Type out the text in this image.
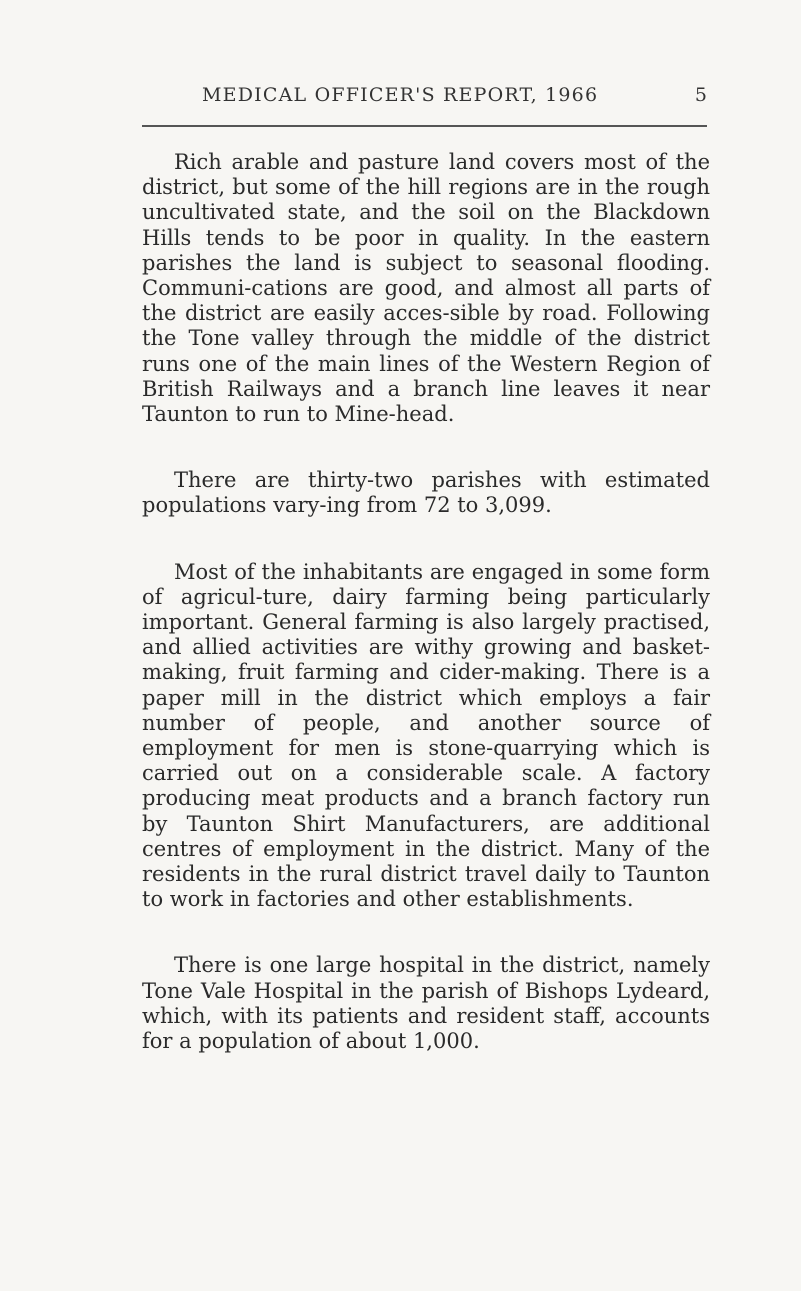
MEDICAL OFFICER'S REPORT, 1966	5

Rich arable and pasture land covers most of the district, but some of the hill regions are in the rough uncultivated state, and the soil on the Blackdown Hills tends to be poor in quality. In the eastern parishes the land is subject to seasonal flooding. Communi-cations are good, and almost all parts of the district are easily acces-sible by road. Following the Tone valley through the middle of the district runs one of the main lines of the Western Region of British Railways and a branch line leaves it near Taunton to run to Mine-head.

There are thirty-two parishes with estimated populations vary-ing from 72 to 3,099.

Most of the inhabitants are engaged in some form of agricul-ture, dairy farming being particularly important. General farming is also largely practised, and allied activities are withy growing and basket-making, fruit farming and cider-making. There is a paper mill in the district which employs a fair number of people, and another source of employment for men is stone-quarrying which is carried out on a considerable scale. A factory producing meat products and a branch factory run by Taunton Shirt Manufacturers, are additional centres of employment in the district. Many of the residents in the rural district travel daily to Taunton to work in factories and other establishments.

There is one large hospital in the district, namely Tone Vale Hospital in the parish of Bishops Lydeard, which, with its patients and resident staff, accounts for a population of about 1,000.
